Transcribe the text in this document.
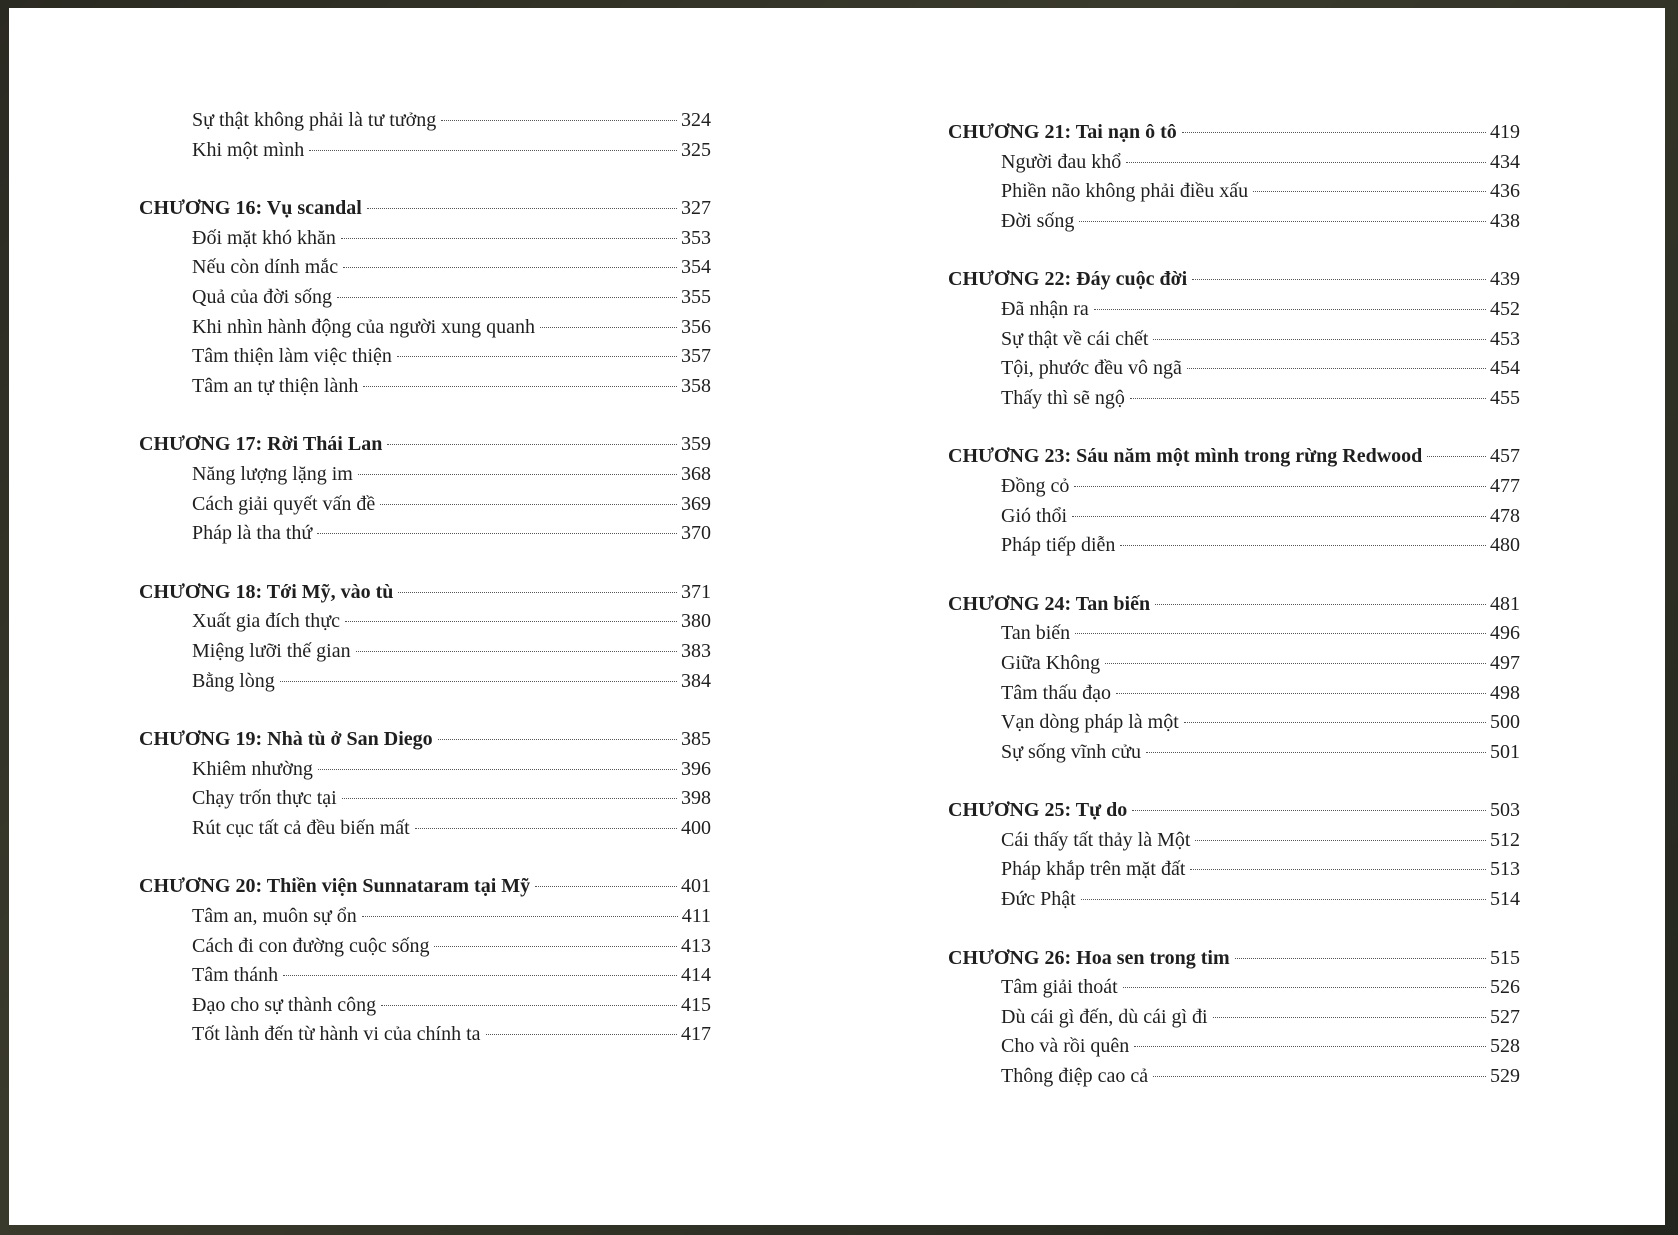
Sự thật không phải là tư tưởng	324
Khi một mình	325
CHƯƠNG 16: Vụ scandal	327
Đối mặt khó khăn	353
Nếu còn dính mắc	354
Quả của đời sống	355
Khi nhìn hành động của người xung quanh	356
Tâm thiện làm việc thiện	357
Tâm an tự thiện lành	358
CHƯƠNG 17: Rời Thái Lan	359
Năng lượng lặng im	368
Cách giải quyết vấn đề	369
Pháp là tha thứ	370
CHƯƠNG 18: Tới Mỹ, vào tù	371
Xuất gia đích thực	380
Miệng lưỡi thế gian	383
Bằng lòng	384
CHƯƠNG 19: Nhà tù ở San Diego	385
Khiêm nhường	396
Chạy trốn thực tại	398
Rút cục tất cả đều biến mất	400
CHƯƠNG 20: Thiền viện Sunnataram tại Mỹ	401
Tâm an, muôn sự ổn	411
Cách đi con đường cuộc sống	413
Tâm thánh	414
Đạo cho sự thành công	415
Tốt lành đến từ hành vi của chính ta	417
CHƯƠNG 21: Tai nạn ô tô	419
Người đau khổ	434
Phiền não không phải điều xấu	436
Đời sống	438
CHƯƠNG 22: Đáy cuộc đời	439
Đã nhận ra	452
Sự thật về cái chết	453
Tội, phước đều vô ngã	454
Thấy thì sẽ ngộ	455
CHƯƠNG 23: Sáu năm một mình trong rừng Redwood	457
Đồng cỏ	477
Gió thổi	478
Pháp tiếp diễn	480
CHƯƠNG 24: Tan biến	481
Tan biến	496
Giữa Không	497
Tâm thấu đạo	498
Vạn dòng pháp là một	500
Sự sống vĩnh cửu	501
CHƯƠNG 25: Tự do	503
Cái thấy tất thảy là Một	512
Pháp khắp trên mặt đất	513
Đức Phật	514
CHƯƠNG 26: Hoa sen trong tim	515
Tâm giải thoát	526
Dù cái gì đến, dù cái gì đi	527
Cho và rồi quên	528
Thông điệp cao cả	529
